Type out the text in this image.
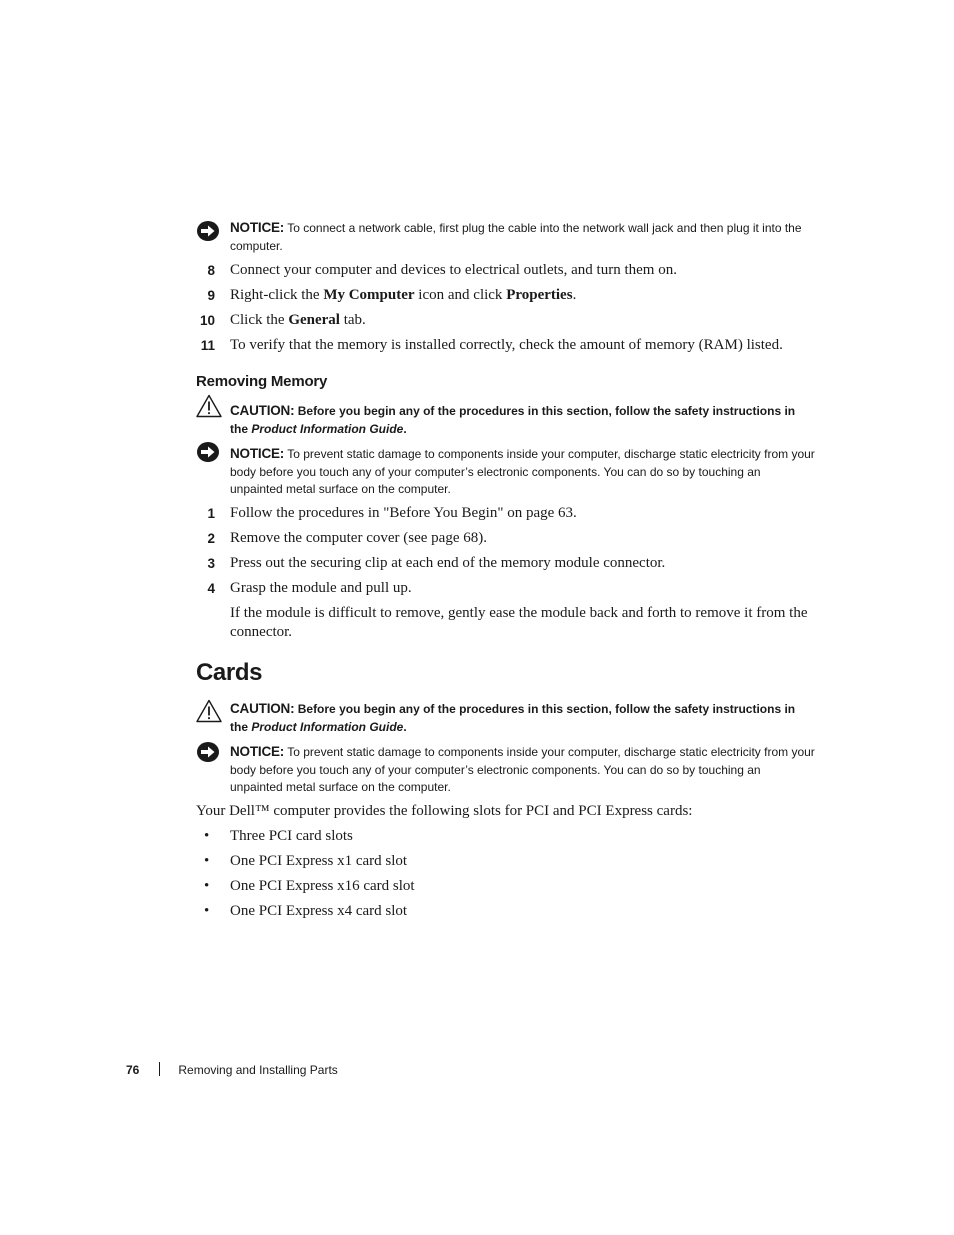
NOTICE: To connect a network cable, first plug the cable into the network wall jack and then plug it into the computer.
8 Connect your computer and devices to electrical outlets, and turn them on.
9 Right-click the My Computer icon and click Properties.
10 Click the General tab.
11 To verify that the memory is installed correctly, check the amount of memory (RAM) listed.
Removing Memory
CAUTION: Before you begin any of the procedures in this section, follow the safety instructions in the Product Information Guide.
NOTICE: To prevent static damage to components inside your computer, discharge static electricity from your body before you touch any of your computer’s electronic components. You can do so by touching an unpainted metal surface on the computer.
1 Follow the procedures in "Before You Begin" on page 63.
2 Remove the computer cover (see page 68).
3 Press out the securing clip at each end of the memory module connector.
4 Grasp the module and pull up.
If the module is difficult to remove, gently ease the module back and forth to remove it from the connector.
Cards
CAUTION: Before you begin any of the procedures in this section, follow the safety instructions in the Product Information Guide.
NOTICE: To prevent static damage to components inside your computer, discharge static electricity from your body before you touch any of your computer’s electronic components. You can do so by touching an unpainted metal surface on the computer.
Your Dell™ computer provides the following slots for PCI and PCI Express cards:
• Three PCI card slots
• One PCI Express x1 card slot
• One PCI Express x16 card slot
• One PCI Express x4 card slot
76	Removing and Installing Parts
